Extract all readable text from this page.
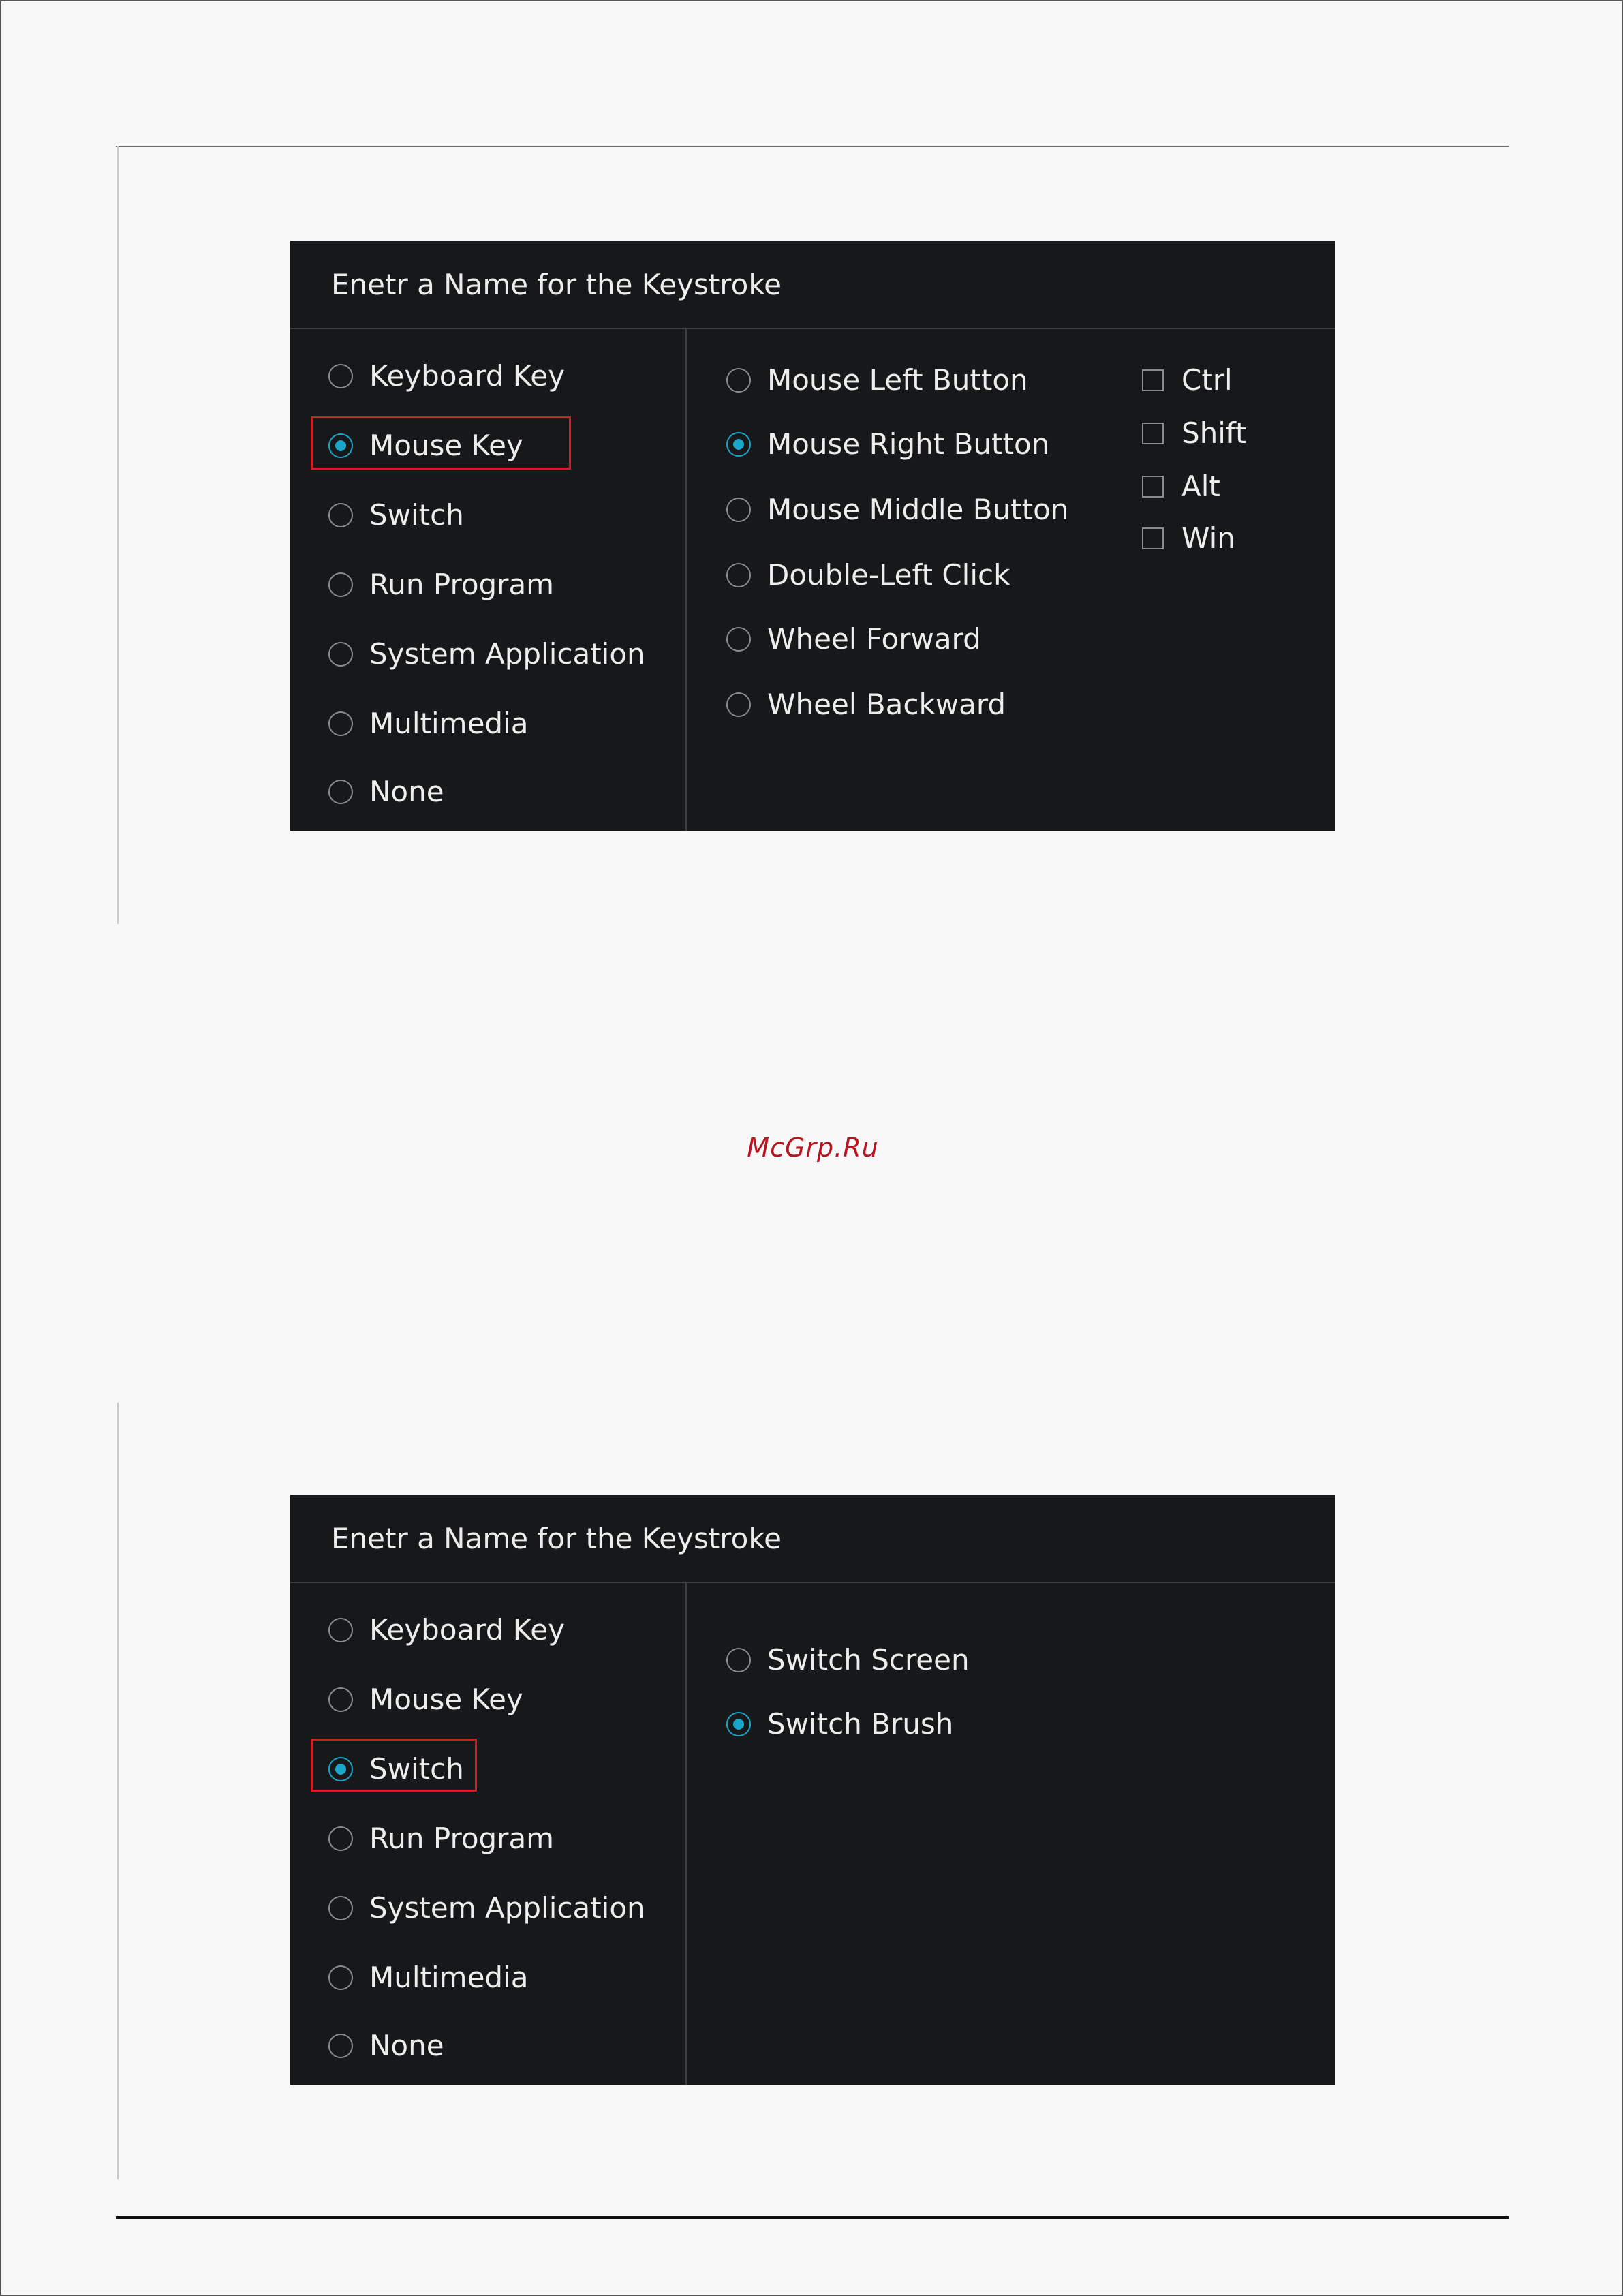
Enetr a Name for the Keystroke
Keyboard Key
Mouse Key
Switch
Run Program
System Application
Multimedia
None
Mouse Left Button
Mouse Right Button
Mouse Middle Button
Double-Left Click
Wheel Forward
Wheel Backward
Ctrl
Shift
Alt
Win
McGrp.Ru
Enetr a Name for the Keystroke
Keyboard Key
Mouse Key
Switch
Run Program
System Application
Multimedia
None
Switch Screen
Switch Brush
